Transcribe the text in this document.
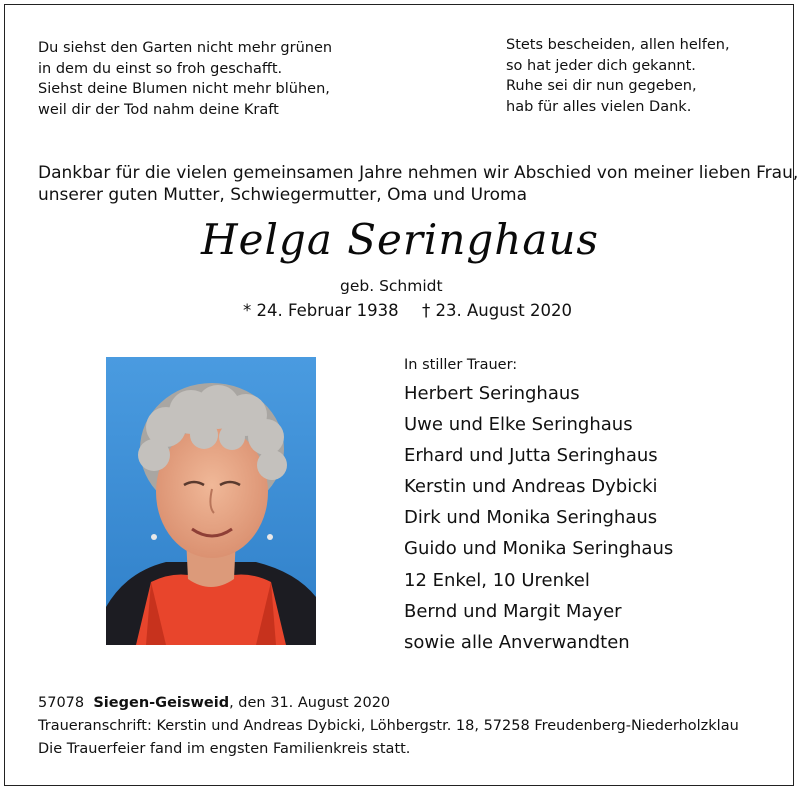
Du siehst den Garten nicht mehr grünen
in dem du einst so froh geschafft.
Siehst deine Blumen nicht mehr blühen,
weil dir der Tod nahm deine Kraft
Stets bescheiden, allen helfen,
so hat jeder dich gekannt.
Ruhe sei dir nun gegeben,
hab für alles vielen Dank.
Dankbar für die vielen gemeinsamen Jahre nehmen wir Abschied von meiner lieben Frau,
unserer guten Mutter, Schwiegermutter, Oma und Uroma
Helga Seringhaus
geb. Schmidt
* 24. Februar 1938 † 23. August 2020
In stiller Trauer:
Herbert Seringhaus
Uwe und Elke Seringhaus
Erhard und Jutta Seringhaus
Kerstin und Andreas Dybicki
Dirk und Monika Seringhaus
Guido und Monika Seringhaus
12 Enkel, 10 Urenkel
Bernd und Margit Mayer
sowie alle Anverwandten
57078 Siegen-Geisweid, den 31. August 2020
Traueranschrift: Kerstin und Andreas Dybicki, Löhbergstr. 18, 57258 Freudenberg-Niederholzklau
Die Trauerfeier fand im engsten Familienkreis statt.
